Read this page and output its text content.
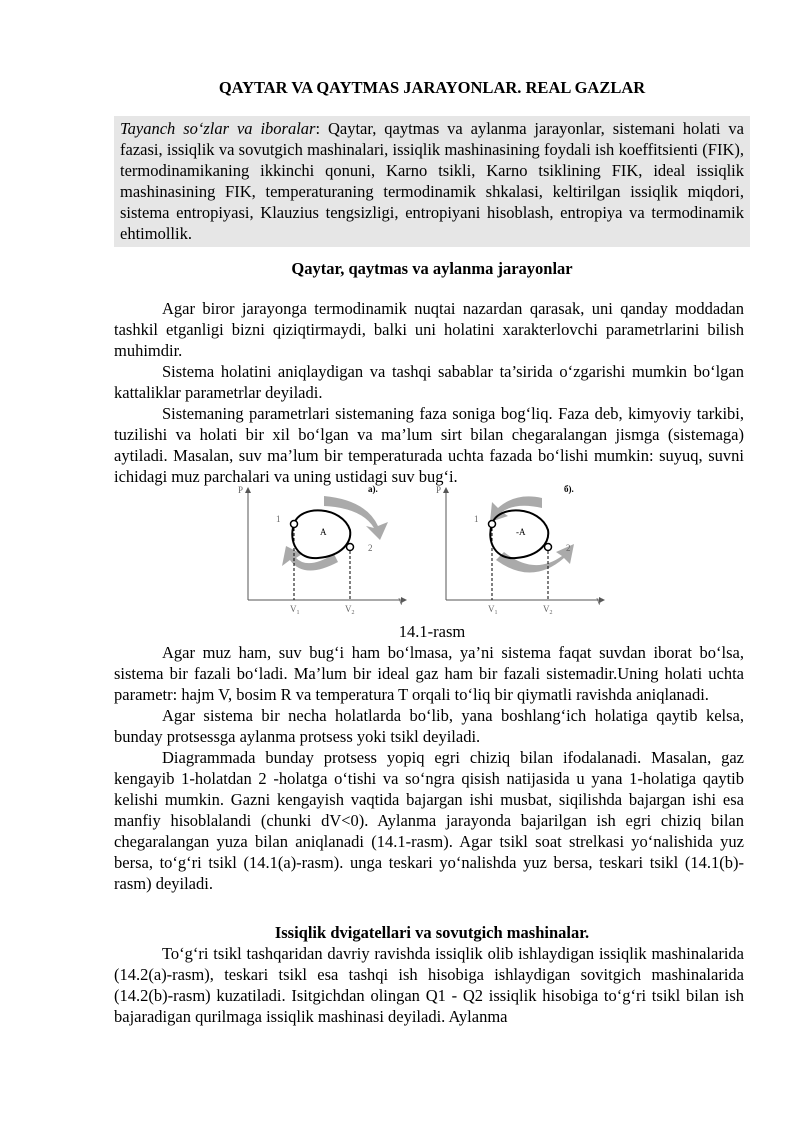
QAYTAR VA QAYTMAS JARAYONLAR. REAL GAZLAR
Tayanch so‘zlar va iboralar: Qaytar, qaytmas va aylanma jarayonlar, sistemani holati va fazasi, issiqlik va sovutgich mashinalari, issiqlik mashinasining foydali ish koeffitsienti (FIK), termodinamikaning ikkinchi qonuni, Karno tsikli, Karno tsiklining FIK, ideal issiqlik mashinasining FIK, temperaturaning termodinamik shkalasi, keltirilgan issiqlik miqdori, sistema entropiyasi, Klauzius tengsizligi, entropiyani hisoblash, entropiya va termodinamik ehtimollik.
Qaytar, qaytmas va aylanma jarayonlar

Agar biror jarayonga termodinamik nuqtai nazardan qarasak, uni qanday moddadan tashkil etganligi bizni qiziqtirmaydi, balki uni holatini xarakterlovchi parametrlarini bilish muhimdir.

Sistema holatini aniqlaydigan va tashqi sabablar ta’sirida o‘zgarishi mumkin bo‘lgan kattaliklar parametrlar deyiladi.

Sistemaning parametrlari sistemaning faza soniga bog‘liq. Faza deb, kimyoviy tarkibi, tuzilishi va holati bir xil bo‘lgan va ma’lum sirt bilan chegaralangan jismga (sistemaga) aytiladi. Masalan, suv ma’lum bir temperaturada uchta fazada bo‘lishi mumkin: suyuq, suvni ichidagi muz parchalari va uning ustidagi suv bug‘i.

P
V
a).
1
2
A
$V_1$	$V_2$
P
V
б).
1
2
-A
$V_1$	$V_2$
14.1-rasm

Agar muz ham, suv bug‘i ham bo‘lmasa, ya’ni sistema faqat suvdan iborat bo‘lsa, sistema bir fazali bo‘ladi. Ma’lum bir ideal gaz ham bir fazali sistemadir.Uning holati uchta parametr: hajm V, bosim R va temperatura T orqali to‘liq bir qiymatli ravishda aniqlanadi.

Agar sistema bir necha holatlarda bo‘lib, yana boshlang‘ich holatiga qaytib kelsa, bunday protsessga aylanma protsess yoki tsikl deyiladi.

Diagrammada bunday protsess yopiq egri chiziq bilan ifodalanadi. Masalan, gaz kengayib 1-holatdan 2 -holatga o‘tishi va so‘ngra qisish natijasida u yana 1-holatiga qaytib kelishi mumkin. Gazni kengayish vaqtida bajargan ishi musbat, siqilishda bajargan ishi esa manfiy hisoblalandi (chunki dV<0). Aylanma jarayonda bajarilgan ish egri chiziq bilan chegaralangan yuza bilan aniqlanadi (14.1-rasm). Agar tsikl soat strelkasi yo‘nalishida yuz bersa, to‘g‘ri tsikl (14.1(a)-rasm). unga teskari yo‘nalishda yuz bersa, teskari tsikl (14.1(b)-rasm) deyiladi.

Issiqlik dvigatellari va sovutgich mashinalar.

To‘g‘ri tsikl tashqaridan davriy ravishda issiqlik olib ishlaydigan issiqlik mashinalarida (14.2(a)-rasm), teskari tsikl esa tashqi ish hisobiga ishlaydigan sovitgich mashinalarida (14.2(b)-rasm) kuzatiladi. Isitgichdan olingan Q1 - Q2 issiqlik hisobiga to‘g‘ri tsikl bilan ish bajaradigan qurilmaga issiqlik mashinasi deyiladi. Aylanma
